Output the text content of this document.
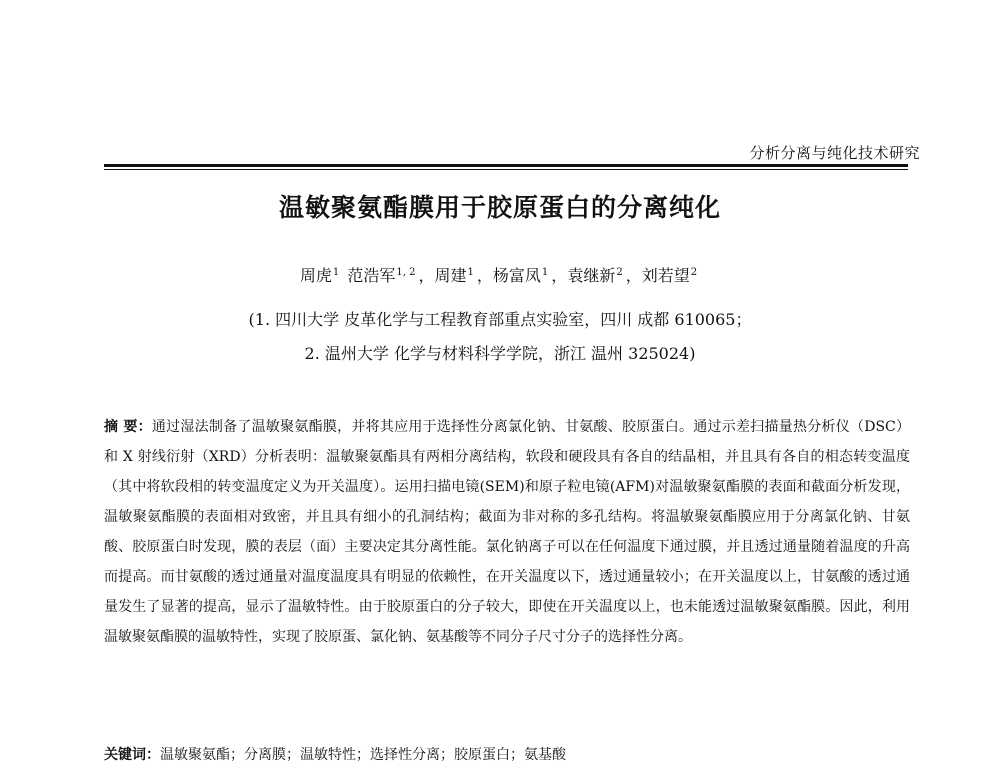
分析分离与纯化技术研究
温敏聚氨酯膜用于胶原蛋白的分离纯化
周虎$^1$ 范浩军$^{1, 2}$ ，周建$^1$ ，杨富凤$^1$ ，袁继新$^2$ ，刘若望$^2$
(1. 四川大学 皮革化学与工程教育部重点实验室，四川 成都 610065；
2. 温州大学 化学与材料科学学院，浙江 温州 325024)
摘 要：通过湿法制备了温敏聚氨酯膜，并将其应用于选择性分离氯化钠、甘氨酸、胶原蛋白。通过示差扫描量热分析仪（DSC）和 X 射线衍射（XRD）分析表明：温敏聚氨酯具有两相分离结构，软段和硬段具有各自的结晶相，并且具有各自的相态转变温度（其中将软段相的转变温度定义为开关温度）。运用扫描电镜(SEM)和原子粒电镜(AFM)对温敏聚氨酯膜的表面和截面分析发现，温敏聚氨酯膜的表面相对致密，并且具有细小的孔洞结构；截面为非对称的多孔结构。将温敏聚氨酯膜应用于分离氯化钠、甘氨酸、胶原蛋白时发现，膜的表层（面）主要决定其分离性能。氯化钠离子可以在任何温度下通过膜，并且透过通量随着温度的升高而提高。而甘氨酸的透过通量对温度温度具有明显的依赖性，在开关温度以下，透过通量较小；在开关温度以上，甘氨酸的透过通量发生了显著的提高，显示了温敏特性。由于胶原蛋白的分子较大，即使在开关温度以上，也未能透过温敏聚氨酯膜。因此，利用温敏聚氨酯膜的温敏特性，实现了胶原蛋、氯化钠、氨基酸等不同分子尺寸分子的选择性分离。
关键词：温敏聚氨酯；分离膜；温敏特性；选择性分离；胶原蛋白；氨基酸
